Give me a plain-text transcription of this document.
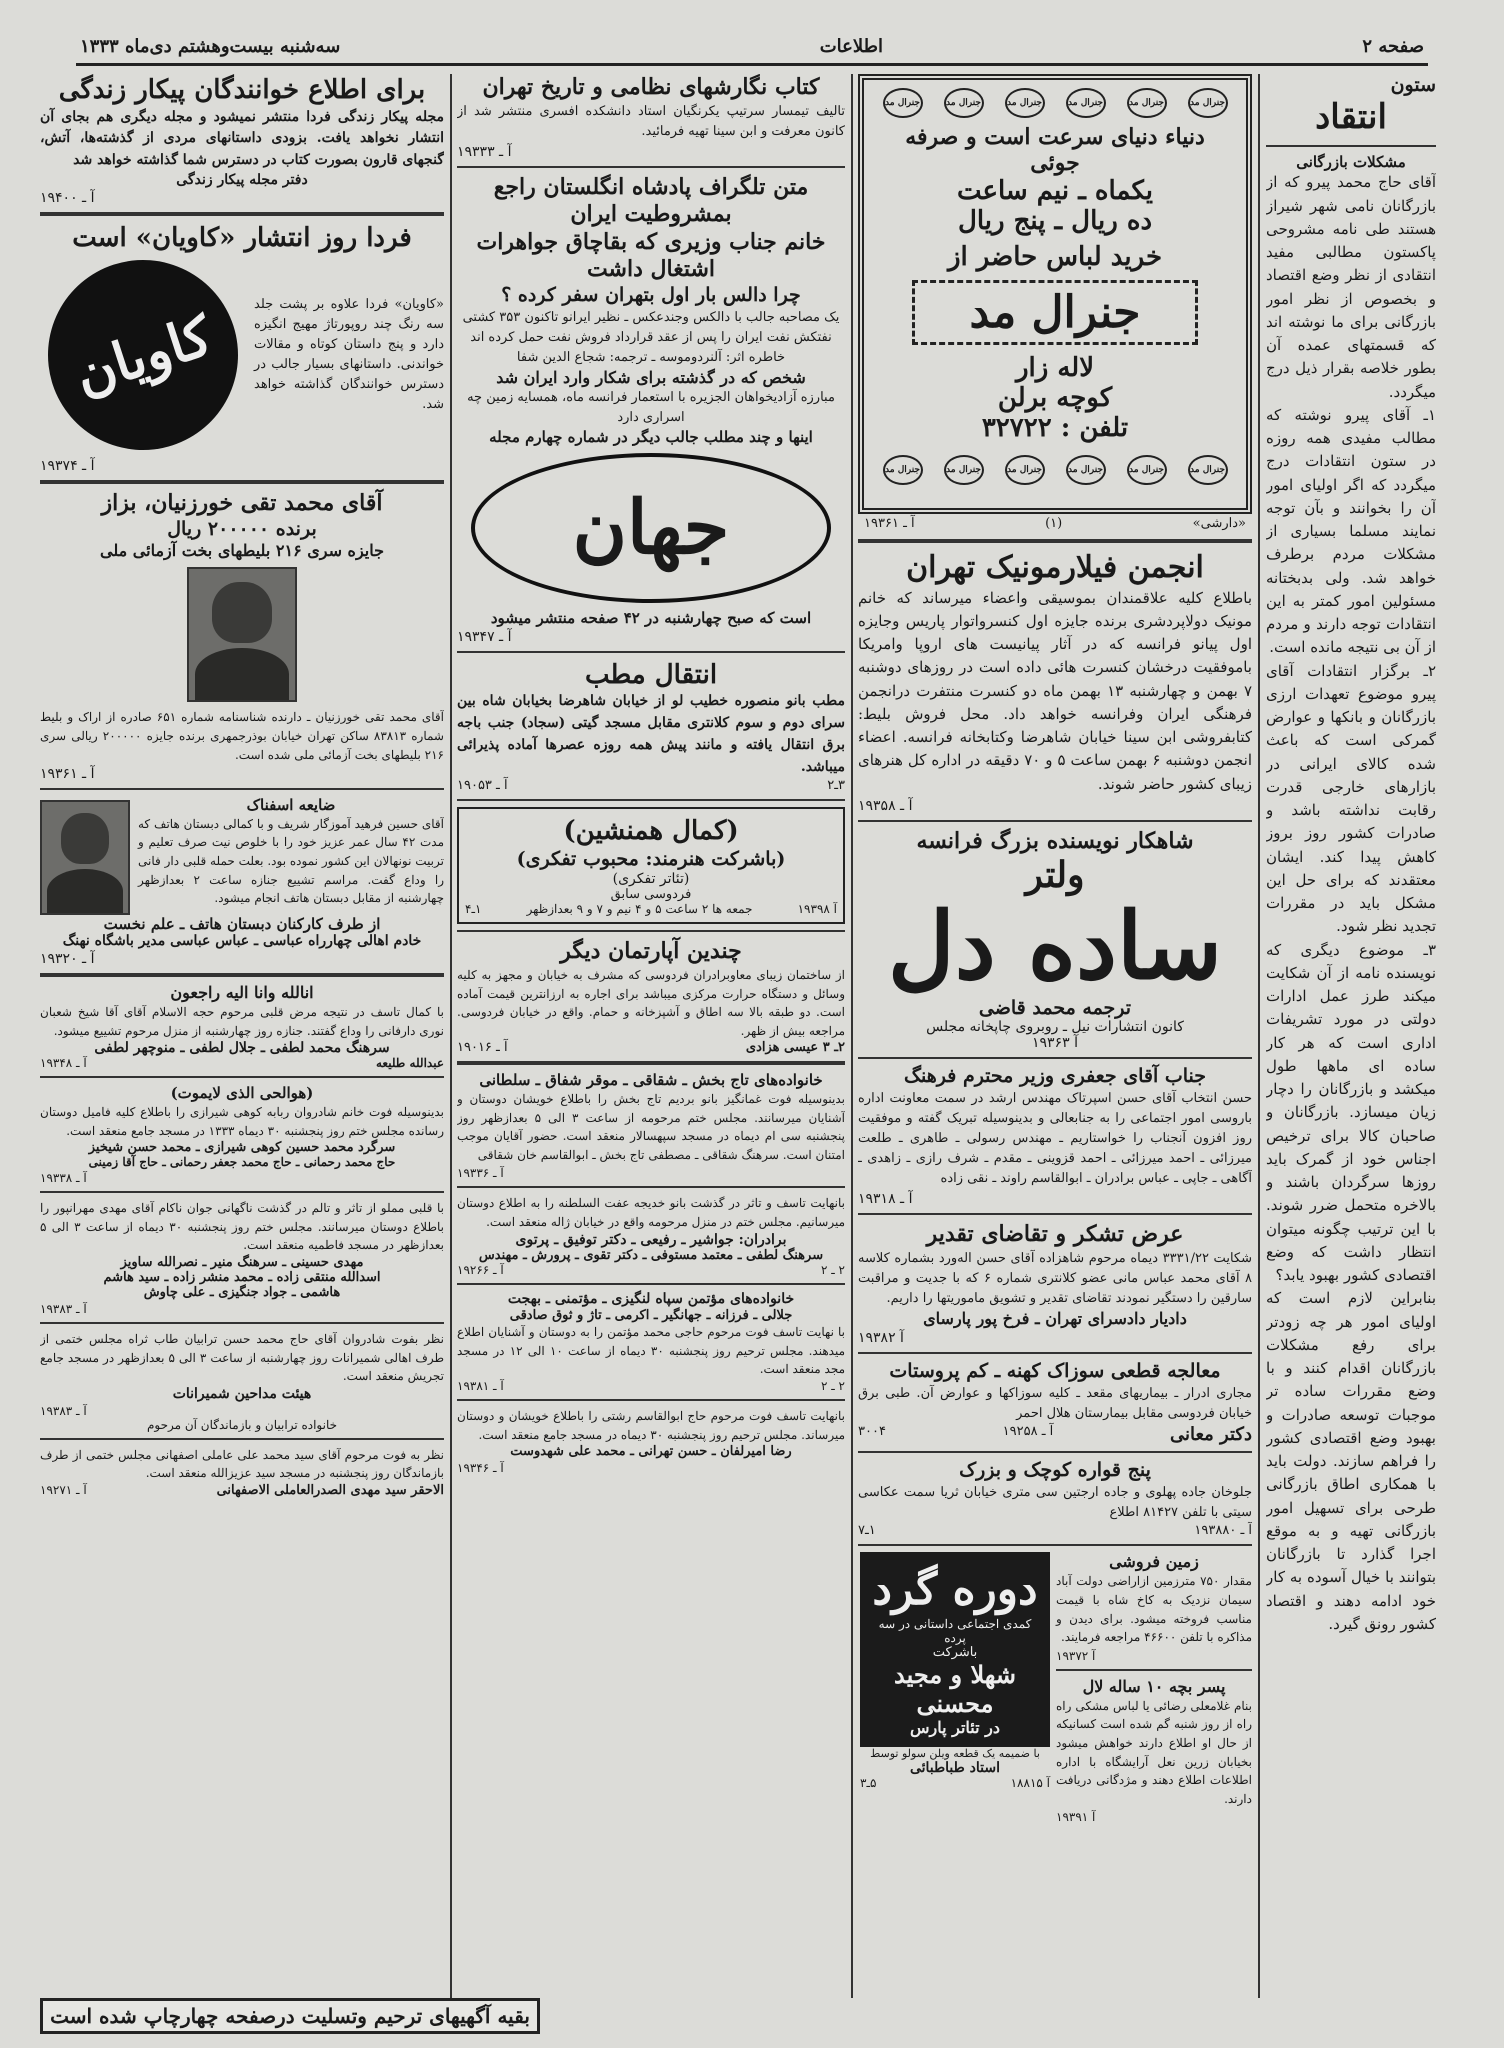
صفحه ۲
اطلاعات
سه‌شنبه بیست‌وهشتم دی‌ماه ۱۳۳۳
ستون
انتقاد
مشکلات بازرگانی

آقای حاج محمد پیرو که از بازرگانان نامی شهر شیراز هستند طی نامه مشروحی پاکستون مطالبی مفید انتقادی از نظر وضع اقتصاد و بخصوص از نظر امور بازرگانی برای ما نوشته اند که قسمتهای عمده آن بطور خلاصه بقرار ذیل درج میگردد.

۱ـ آقای پیرو نوشته که مطالب مفیدی همه روزه در ستون انتقادات درج میگردد که اگر اولیای امور آن را بخوانند و بآن توجه نمایند مسلما بسیاری از مشکلات مردم برطرف خواهد شد. ولی بدبختانه مسئولین امور کمتر به این انتقادات توجه دارند و مردم از آن بی نتیجه مانده است.

۲ـ برگزار انتقادات آقای پیرو موضوع تعهدات ارزی بازرگانان و بانکها و عوارض گمرکی است که باعث شده کالای ایرانی در بازارهای خارجی قدرت رقابت نداشته باشد و صادرات کشور روز بروز کاهش پیدا کند. ایشان معتقدند که برای حل این مشکل باید در مقررات تجدید نظر شود.

۳ـ موضوع دیگری که نویسنده نامه از آن شکایت میکند طرز عمل ادارات دولتی در مورد تشریفات اداری است که هر کار ساده ای ماهها طول میکشد و بازرگانان را دچار زیان میسازد. بازرگانان و صاحبان کالا برای ترخیص اجناس خود از گمرک باید روزها سرگردان باشند و بالاخره متحمل ضرر شوند. با این ترتیب چگونه میتوان انتظار داشت که وضع اقتصادی کشور بهبود یابد؟

بنابراین لازم است که اولیای امور هر چه زودتر برای رفع مشکلات بازرگانان اقدام کنند و با وضع مقررات ساده تر موجبات توسعه صادرات و بهبود وضع اقتصادی کشور را فراهم سازند. دولت باید با همکاری اطاق بازرگانی طرحی برای تسهیل امور بازرگانی تهیه و به موقع اجرا گذارد تا بازرگانان بتوانند با خیال آسوده به کار خود ادامه دهند و اقتصاد کشور رونق گیرد.

جنرال مد
جنرال مد
جنرال مد
جنرال مد
جنرال مد
جنرال مد
دنیاء دنیای سرعت است و صرفه جوئی
یکماه ـ نیم ساعت
ده ریال ـ پنج ریال
خرید لباس حاضر از
جنرال مد
لاله زار
کوچه برلن
تلفن : ۳۲۷۲۲
جنرال مد
جنرال مد
جنرال مد
جنرال مد
جنرال مد
جنرال مد
«دارشی»
(۱)
آ ـ ۱۹۳۶۱
انجمن فیلارمونیک تهران

باطلاع کلیه علاقمندان بموسیقی واعضاء میرساند که خانم مونیک دولاپردشری برنده جایزه اول کنسرواتوار پاریس وجایزه اول پیانو فرانسه که در آثار پیانیست های اروپا وامریکا باموفقیت درخشان کنسرت هائی داده است در روزهای دوشنبه ۷ بهمن و چهارشنبه ۱۳ بهمن ماه دو کنسرت منتفرت درانجمن فرهنگی ایران وفرانسه خواهد داد. محل فروش بلیط: کتابفروشی ابن سینا خیابان شاهرضا وکتابخانه فرانسه. اعضاء انجمن دوشنبه ۶ بهمن ساعت ۵ و ۷۰ دقیقه در اداره کل هنرهای زیبای کشور حاضر شوند.

آ ـ ۱۹۳۵۸
شاهکار نویسنده بزرگ فرانسه
ولتر
ساده دل
ترجمه محمد قاضی
کانون انتشارات نیل ـ روبروی چاپخانه مجلس
آ ۱۹۳۶۳
جناب آقای جعفری وزیر محترم فرهنگ

حسن انتخاب آقای حسن اسپرتاک مهندس ارشد در سمت معاونت اداره باروسی امور اجتماعی را به جنابعالی و بدینوسیله تبریک گفته و موفقیت روز افزون آنجناب را خواستاریم ـ مهندس رسولی ـ طاهری ـ طلعت میرزائی ـ احمد میرزائی ـ احمد قزوینی ـ مقدم ـ شرف رازی ـ زاهدی ـ آگاهی ـ جاپی ـ عباس برادران ـ ابوالقاسم راوند ـ نقی زاده

آ ـ ۱۹۳۱۸
عرض تشکر و تقاضای تقدیر

شکایت ۳۳۳۱/۲۲ دیماه مرحوم شاهزاده آقای حسن اله‌ورد بشماره کلاسه ۸ آقای محمد عباس مانی عضو کلانتری شماره ۶ که با جدیت و مراقبت سارقین را دستگیر نمودند تقاضای تقدیر و تشویق ماموریتها را داریم.

دادیار دادسرای تهران ـ فرخ پور پارسای
آ ۱۹۳۸۲
معالجه قطعی سوزاک کهنه ـ کم پروستات

مجاری ادرار ـ بیماریهای مقعد ـ کلیه سوزاکها و عوارض آن. طبی برق خیابان فردوسی مقابل بیمارستان هلال احمر

دکتر معانی
آ ـ ۱۹۲۵۸
۳۰۰۴
پنج قواره کوچک و بزرک

جلوخان جاده پهلوی و جاده ارجتین سی متری خیابان ثریا سمت عکاسی سیتی با تلفن ۸۱۴۲۷ اطلاع

آ ـ ۱۹۳۸۸۰
۱ـ۷
زمین فروشی

مقدار ۷۵۰ مترزمین ازاراضی دولت آباد سیمان نزدیک به کاخ شاه با قیمت مناسب فروخته میشود. برای دیدن و مذاکره با تلفن ۴۶۶۰۰ مراجعه فرمایند.

آ ۱۹۳۷۲
پسر بچه ۱۰ ساله لال

بنام غلامعلی رضائی یا لباس مشکی راه راه از روز شنبه گم شده است کسانیکه از حال او اطلاع دارند خواهش میشود بخیابان زرین نعل آرایشگاه با اداره اطلاعات اطلاع دهند و مژدگانی دریافت دارند.

آ ۱۹۳۹۱
دوره گرد
کمدی اجتماعی داستانی در سه پرده
باشرکت
شهلا و مجید محسنی
در تئاتر پارس
با ضمیمه یک قطعه ویلن سولو توسط
استاد طباطبائی
آ ۱۸۸۱۵
۵ـ۳
کتاب نگارشهای نظامی و تاریخ تهران

تالیف تیمسار سرتیپ یکرنگیان استاد دانشکده افسری منتشر شد از کانون معرفت و ابن سینا تهیه فرمائید.

آ ـ ۱۹۳۳۳
متن تلگراف پادشاه انگلستان راجع
بمشروطیت ایران
خانم جناب وزیری که بقاچاق جواهرات
اشتغال داشت
چرا دالس بار اول بتهران سفر کرده ؟

یک مصاحبه جالب با دالکس وجندعکس ـ نظیر ایرانو تاکنون ۳۵۳ کشتی نفتکش نفت ایران را پس از عقد قرارداد فروش نفت حمل کرده اند

خاطره اثر: آلنردوموسه ـ ترجمه: شجاع الدین شفا

شخص که در گذشته برای شکار وارد ایران شد

مبارزه آزادیخواهان الجزیره با استعمار فرانسه ماه، همسایه زمین چه اسراری دارد

اینها و چند مطلب جالب دیگر در شماره چهارم مجله
جهان
است که صبح چهارشنبه در ۴۲ صفحه منتشر میشود
آ ـ ۱۹۳۴۷
انتقال مطب

مطب بانو منصوره خطیب لو از خیابان شاهرضا بخیابان شاه بین سرای دوم و سوم کلانتری مقابل مسجد گیتی (سجاد) جنب باجه برق انتقال یافته و مانند پیش همه روزه عصرها آماده پذیرائی میباشد.

۳ـ۲
آ ـ ۱۹۰۵۳
(کمال همنشین)
(باشرکت هنرمند: محبوب تفکری)
(تئاتر تفکری)
فردوسی سابق
آ ۱۹۳۹۸
جمعه ها ۲ ساعت ۵ و ۴ نیم و ۷ و ۹ بعدازظهر
۱ـ۴
چندین آپارتمان دیگر

از ساختمان زیبای معاوبرادران فردوسی که مشرف به خیابان و مجهز به کلیه وسائل و دستگاه حرارت مرکزی میباشد برای اجاره به ارزانترین قیمت آماده است. دو طبقه بالا سه اطاق و آشپزخانه و حمام. واقع در خیابان فردوسی. مراجعه بیش از ظهر.

۲ـ ۳ عیسی هزادی
آ ـ ۱۹۰۱۶
خانواده‌های تاج بخش ـ شقاقی ـ موقر شفاق ـ سلطانی

بدینوسیله فوت غمانگیز بانو بردیم تاج بخش را باطلاع خویشان دوستان و آشنایان میرسانند. مجلس ختم مرحومه از ساعت ۳ الی ۵ بعدازظهر روز پنجشنبه سی ام دیماه در مسجد سپهسالار منعقد است. حضور آقایان موجب امتنان است. سرهنگ شقاقی ـ مصطفی تاج بخش ـ ابوالقاسم خان شقاقی

آ ـ ۱۹۳۳۶

بانهایت تاسف و تاثر در گذشت بانو خدیجه عفت السلطنه را به اطلاع دوستان میرسانیم. مجلس ختم در منزل مرحومه واقع در خیابان ژاله منعقد است.

برادران: جواشیر ـ رفیعی ـ دکتر توفیق ـ پرتوی
سرهنگ لطفی ـ معتمد مستوفی ـ دکتر تقوی ـ پرورش ـ مهندس
۲ ـ ۲
آ ـ ۱۹۲۶۶
خانواده‌های مؤتمن سپاه لنگیزی ـ مؤتمنی ـ بهجت
جلالی ـ فرزانه ـ جهانگیر ـ اکرمی ـ تاژ و ثوق صادقی

با نهایت تاسف فوت مرحوم حاجی محمد مؤتمن را به دوستان و آشنایان اطلاع میدهند. مجلس ترحیم روز پنجشنبه ۳۰ دیماه از ساعت ۱۰ الی ۱۲ در مسجد مجد منعقد است.

۲ ـ ۲
آ ـ ۱۹۳۸۱

بانهایت تاسف فوت مرحوم حاج ابوالقاسم رشتی را باطلاع خویشان و دوستان میرساند. مجلس ترحیم روز پنجشنبه ۳۰ دیماه در مسجد جامع منعقد است.

رضا امیرلفان ـ حسن تهرانی ـ محمد علی شهدوست
آ ـ ۱۹۳۴۶
برای اطلاع خوانندگان پیکار زندگی

مجله پیکار زندگی فردا منتشر نمیشود و مجله دیگری هم بجای آن انتشار نخواهد یافت. بزودی داستانهای مردی از گذشته‌ها، آتش، گنجهای قارون بصورت کتاب در دسترس شما گذاشته خواهد شد

دفتر مجله پیکار زندگی
آ ـ ۱۹۴۰۰
فردا روز انتشار «کاویان» است

«کاویان» فردا علاوه بر پشت جلد سه رنگ چند روپورتاژ مهیج انگیزه دارد و پنج داستان کوتاه و مقالات خواندنی. داستانهای بسیار جالب در دسترس خوانندگان گذاشته خواهد شد.

کاویان
آ ـ ۱۹۳۷۴
آقای محمد تقی خورزنیان، بزاز
برنده ۲۰۰۰۰۰ ریال
جایزه سری ۲۱۶ بلیطهای بخت آزمائی ملی

آقای محمد تقی خورزنیان ـ دارنده شناسنامه شماره ۶۵۱ صادره از اراک و بلیط شماره ۸۳۸۱۳ ساکن تهران خیابان بوذرجمهری برنده جایزه ۲۰۰۰۰۰ ریالی سری ۲۱۶ بلیطهای بخت آزمائی ملی شده است.

آ ـ ۱۹۳۶۱
ضایعه اسفناک

آقای حسین فرهید آموزگار شریف و با کمالی دبستان هاتف که مدت ۴۲ سال عمر عزیز خود را با خلوص نیت صرف تعلیم و تربیت نونهالان این کشور نموده بود. بعلت حمله قلبی دار فانی را وداع گفت. مراسم تشییع جنازه ساعت ۲ بعدازظهر چهارشنبه از مقابل دبستان هاتف انجام میشود.

از طرف کارکنان دبستان هاتف ـ علم نخست
خادم اهالی چهارراه عباسی ـ عباس عباسی مدیر باشگاه نهنگ
آ ـ ۱۹۳۲۰
انالله وانا الیه راجعون

با کمال تاسف در نتیجه مرض قلبی مرحوم حجه الاسلام آقای آقا شیخ شعبان نوری دارفانی را وداع گفتند. جنازه روز چهارشنبه از منزل مرحوم تشییع میشود.

سرهنگ محمد لطفی ـ جلال لطفی ـ منوچهر لطفی
عبدالله طلیعه
آ ـ ۱۹۳۴۸
(هوالحی الذی لایموت)

بدینوسیله فوت خانم شادروان ربابه کوهی شیرازی را باطلاع کلیه فامیل دوستان رسانده مجلس ختم روز پنجشنبه ۳۰ دیماه ۱۳۳۳ در مسجد جامع منعقد است.

سرگرد محمد حسین کوهی شیرازی ـ محمد حسن شیخیز
حاج محمد رحمانی ـ حاج محمد جعفر رحمانی ـ حاج آقا زمینی
آ ـ ۱۹۳۳۸

با قلبی مملو از تاثر و تالم در گذشت ناگهانی جوان ناکام آقای مهدی مهرانپور را باطلاع دوستان میرسانند. مجلس ختم روز پنجشنبه ۳۰ دیماه از ساعت ۳ الی ۵ بعدازظهر در مسجد فاطمیه منعقد است.

مهدی حسینی ـ سرهنگ منیر ـ نصرالله ساویز
اسدالله منتقی زاده ـ محمد منشر زاده ـ سید هاشم
هاشمی ـ جواد جنگیزی ـ علی چاوش
آ ـ ۱۹۳۸۳

نظر بفوت شادروان آقای حاج محمد حسن ترابیان طاب ثراه مجلس ختمی از طرف اهالی شمیرانات روز چهارشنبه از ساعت ۳ الی ۵ بعدازظهر در مسجد جامع تجریش منعقد است.

هیئت مداحین شمیرانات
آ ـ ۱۹۳۸۳
خانواده ترابیان و بازماندگان آن مرحوم

نظر به فوت مرحوم آقای سید محمد علی عاملی اصفهانی مجلس ختمی از طرف بازماندگان روز پنجشنبه در مسجد سید عزیزالله منعقد است.

الاحقر سید مهدی الصدرالعاملی الاصفهانی
آ ـ ۱۹۲۷۱
بقیه آگهیهای ترحیم وتسلیت درصفحه چهارچاپ شده است
